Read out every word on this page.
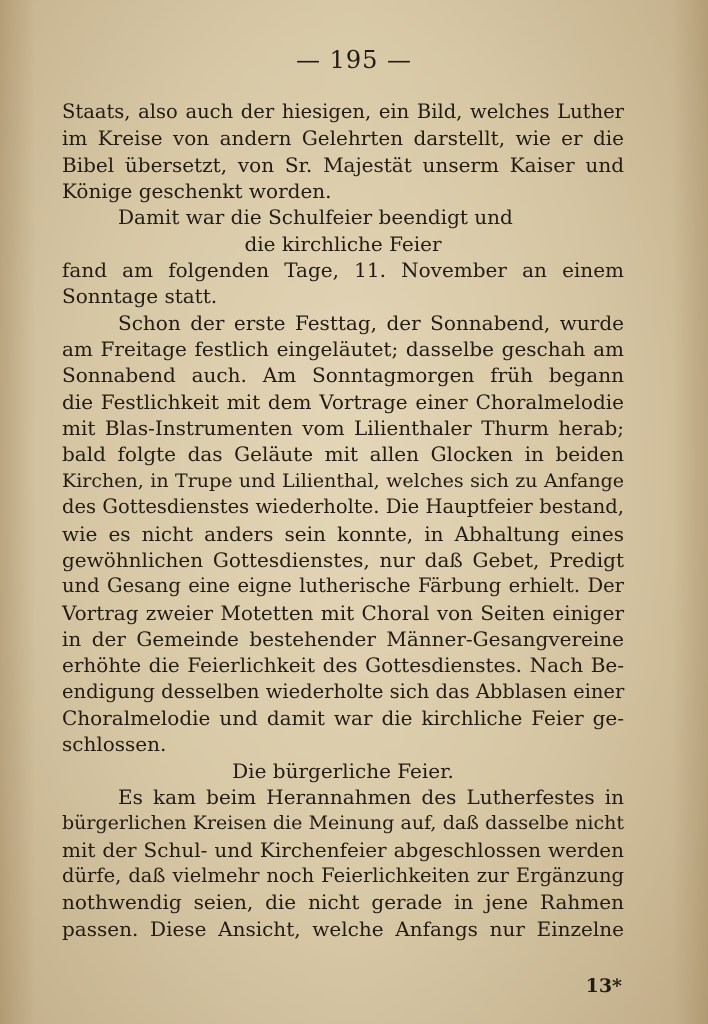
— 195 —
Staats, also auch der hiesigen, ein Bild, welches Luther
im Kreise von andern Gelehrten darstellt, wie er die
Bibel übersetzt, von Sr. Majestät unserm Kaiser und
Könige geschenkt worden.
Damit war die Schulfeier beendigt und
die kirchliche Feier
fand am folgenden Tage, 11. November an einem
Sonntage statt.
Schon der erste Festtag, der Sonnabend, wurde
am Freitage festlich eingeläutet; dasselbe geschah am
Sonnabend auch. Am Sonntagmorgen früh begann
die Festlichkeit mit dem Vortrage einer Choralmelodie
mit Blas-Instrumenten vom Lilienthaler Thurm herab;
bald folgte das Geläute mit allen Glocken in beiden
Kirchen, in Trupe und Lilienthal, welches sich zu Anfange
des Gottesdienstes wiederholte. Die Hauptfeier bestand,
wie es nicht anders sein konnte, in Abhaltung eines
gewöhnlichen Gottesdienstes, nur daß Gebet, Predigt
und Gesang eine eigne lutherische Färbung erhielt. Der
Vortrag zweier Motetten mit Choral von Seiten einiger
in der Gemeinde bestehender Männer-Gesangvereine
erhöhte die Feierlichkeit des Gottesdienstes. Nach Be-
endigung desselben wiederholte sich das Abblasen einer
Choralmelodie und damit war die kirchliche Feier ge-
schlossen.
Die bürgerliche Feier.
Es kam beim Herannahmen des Lutherfestes in
bürgerlichen Kreisen die Meinung auf, daß dasselbe nicht
mit der Schul- und Kirchenfeier abgeschlossen werden
dürfe, daß vielmehr noch Feierlichkeiten zur Ergänzung
nothwendig seien, die nicht gerade in jene Rahmen
passen. Diese Ansicht, welche Anfangs nur Einzelne
13*
